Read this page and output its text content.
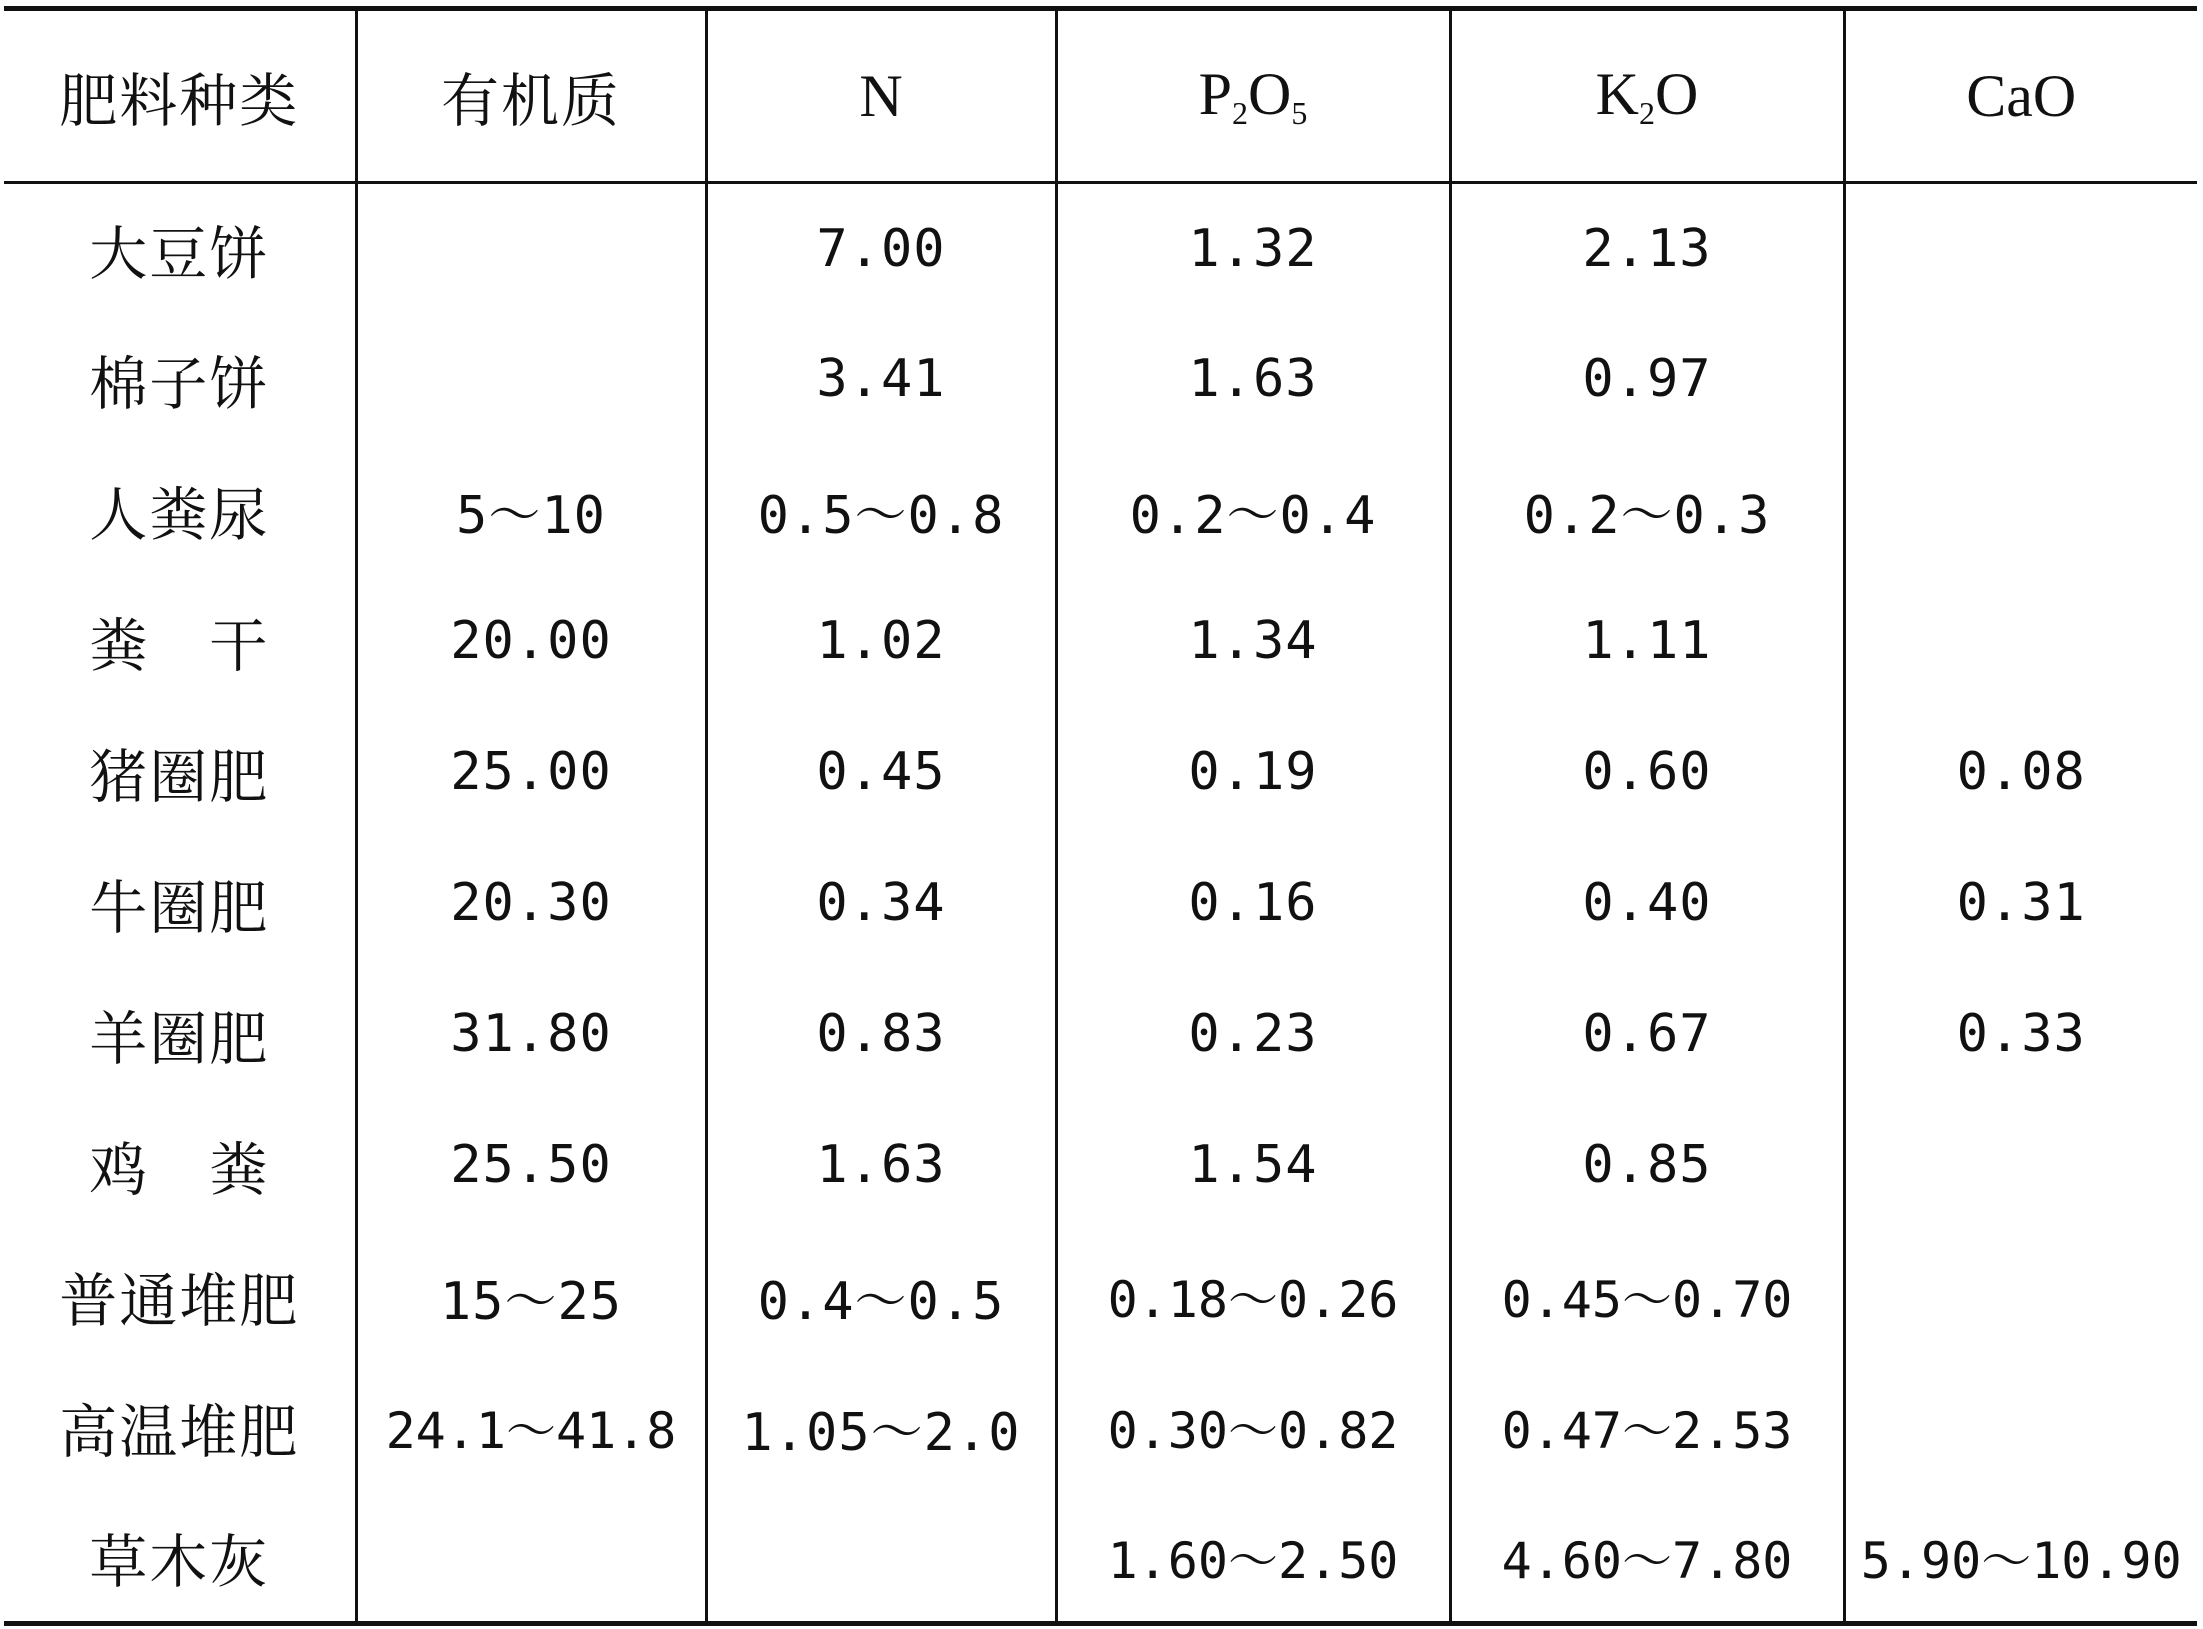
肥料种类	有机质	N	$P_2O_5$	$K_2O$	CaO
大豆饼		7.00	1.32	2.13	
棉子饼		3.41	1.63	0.97	
人粪尿	5～10	0.5～0.8	0.2～0.4	0.2～0.3	
粪　干	20.00	1.02	1.34	1.11	
猪圈肥	25.00	0.45	0.19	0.60	0.08
牛圈肥	20.30	0.34	0.16	0.40	0.31
羊圈肥	31.80	0.83	0.23	0.67	0.33
鸡　粪	25.50	1.63	1.54	0.85	
普通堆肥	15～25	0.4～0.5	0.18～0.26	0.45～0.70	
高温堆肥	24.1～41.8	1.05～2.0	0.30～0.82	0.47～2.53	
草木灰			1.60～2.50	4.60～7.80	5.90～10.90
